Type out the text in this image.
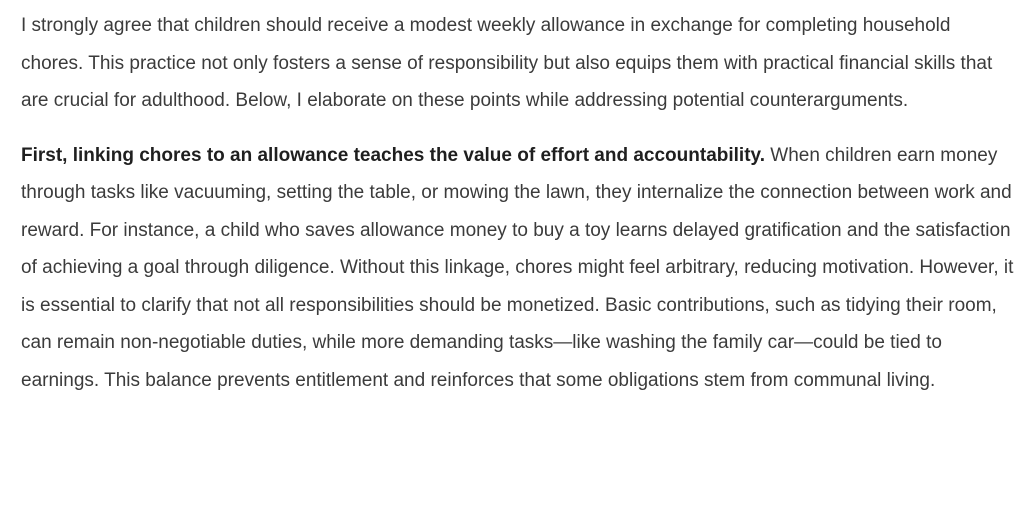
I strongly agree that children should receive a modest weekly allowance in exchange for completing household chores. This practice not only fosters a sense of responsibility but also equips them with practical financial skills that are crucial for adulthood. Below, I elaborate on these points while addressing potential counterarguments.

First, linking chores to an allowance teaches the value of effort and accountability. When children earn money through tasks like vacuuming, setting the table, or mowing the lawn, they internalize the connection between work and reward. For instance, a child who saves allowance money to buy a toy learns delayed gratification and the satisfaction of achieving a goal through diligence. Without this linkage, chores might feel arbitrary, reducing motivation. However, it is essential to clarify that not all responsibilities should be monetized. Basic contributions, such as tidying their room, can remain non-negotiable duties, while more demanding tasks—like washing the family car—could be tied to earnings. This balance prevents entitlement and reinforces that some obligations stem from communal living.
